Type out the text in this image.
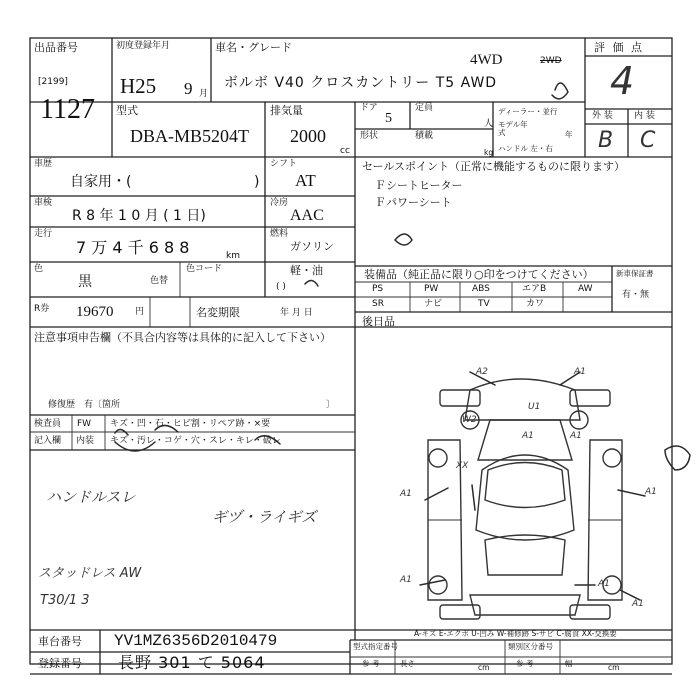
出品番号
[2199]
1127
初度登録年月
H25 9 月
車名・グレード
4WD	2WD
ボルボ V40 クロスカントリー T5 AWD
評 価 点
4
外 装 内 装
B C
型式
DBA-MB5204T
排気量
2000
cc
ドア
5
定員
人
形状	積載
kg
ディーラー・並行
モデル年式	年
ハンドル 左・右
車歴
自家用・(	)
シフト
AT
車検
R 8 年 1 0 月 ( 1 日)
冷房
AAC
走行
7 万 4 千 6 8 8	km
燃料
ガソリン
軽・油
( )
色
黒	色替
色コード
R券 19670 円	名変期限	年 月 日
セールスポイント（正常に機能するものに限ります）
Ｆシートヒーター
Ｆパワーシート
装備品（純正品に限り○印をつけてください）
PS	PW	ABS	エアB	AW
SR	ナビ	TV	カワ
新車保証書
有・無
後日品
注意事項申告欄（不具合内容等は具体的に記入して下さい）
修復歴　有〔箇所	〕
検査員 FW キズ・凹・石・ヒビ割・リペア跡・×要
記入欄 内装 キズ・汚レ・コゲ・穴・スレ・キレ・破レ
ハンドルスレ
ギヅ・ライギズ
スタッドレス AW
T30/1 3
A2	A1
W2
U1
A1	A1
XX
A1	A1
A1	A1
A1
A-キズ E-エクボ U-凹み W-補修跡 S-サビ C-腐食 XX-交換要
車台番号 YV1MZ6356D2010479
登録番号 長野 301 て 5064
型式指定番号
参 考
類別区分番号
参 考
長さ	cm	幅	cm
